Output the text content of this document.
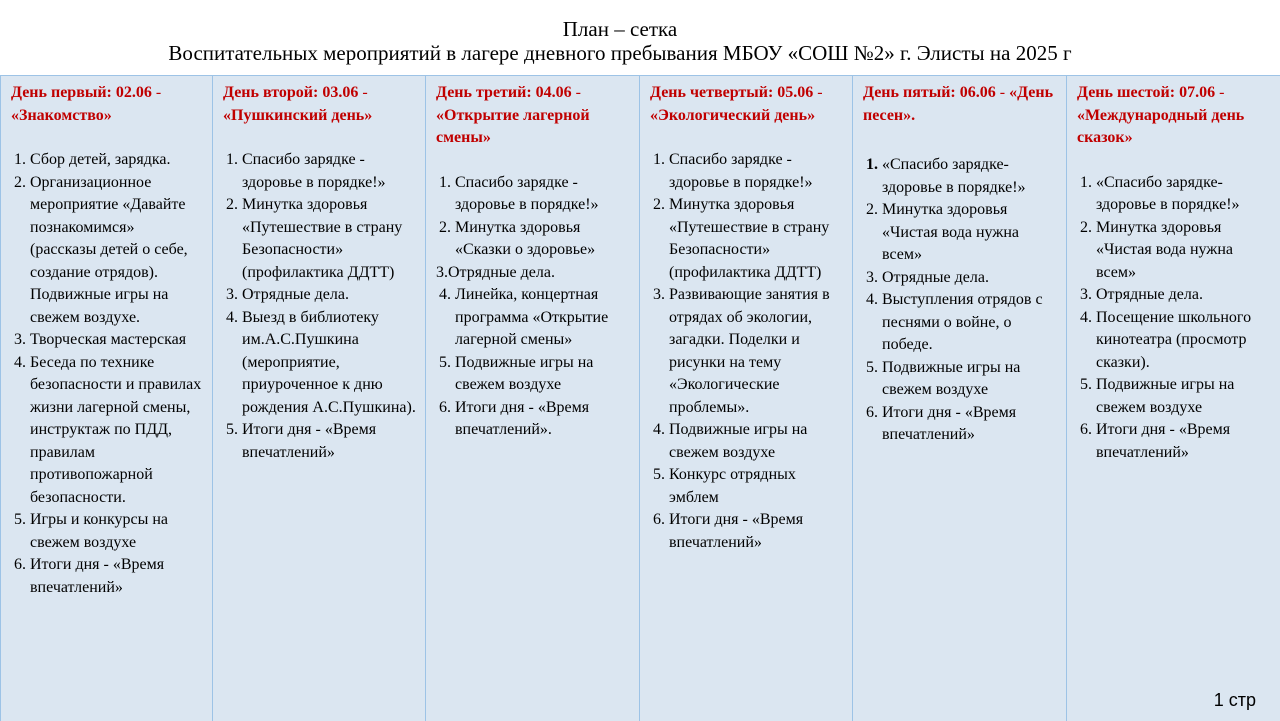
План – сетка
Воспитательных мероприятий в лагере дневного пребывания МБОУ «СОШ №2» г. Элисты на 2025 г
День первый: 02.06 - «Знакомство»
1. Сбор детей, зарядка.
2. Организационное мероприятие «Давайте познакомимся» (рассказы детей о себе, создание отрядов). Подвижные игры на свежем воздухе.
3. Творческая мастерская
4. Беседа по технике безопасности и правилах жизни лагерной смены, инструктаж по ПДД, правилам противопожарной безопасности.
5. Игры и конкурсы на свежем воздухе
6. Итоги дня - «Время впечатлений»
День второй: 03.06 - «Пушкинский день»
1. Спасибо зарядке - здоровье в порядке!»
2. Минутка здоровья «Путешествие в страну Безопасности» (профилактика ДДТТ)
3. Отрядные дела.
4. Выезд в библиотеку им.А.С.Пушкина (мероприятие, приуроченное к дню рождения А.С.Пушкина).
5. Итоги дня - «Время впечатлений»
День третий: 04.06 - «Открытие лагерной смены»
1. Спасибо зарядке - здоровье в порядке!»
2. Минутка здоровья «Сказки о здоровье»
3.Отрядные дела.
4. Линейка, концертная программа «Открытие лагерной смены»
5. Подвижные игры на свежем воздухе
6. Итоги дня - «Время впечатлений».
День четвертый: 05.06 - «Экологический день»
1. Спасибо зарядке - здоровье в порядке!»
2. Минутка здоровья «Путешествие в страну Безопасности» (профилактика ДДТТ)
3. Развивающие занятия в отрядах об экологии, загадки. Поделки и рисунки на тему «Экологические проблемы».
4. Подвижные игры на свежем воздухе
5. Конкурс отрядных эмблем
6. Итоги дня - «Время впечатлений»
День пятый: 06.06 - «День песен».
1. «Спасибо зарядке- здоровье в порядке!»
2. Минутка здоровья «Чистая вода нужна всем»
3. Отрядные дела.
4. Выступления отрядов с песнями о войне, о победе.
5. Подвижные игры на свежем воздухе
6. Итоги дня - «Время впечатлений»
День шестой: 07.06 - «Международный день сказок»
1. «Спасибо зарядке- здоровье в порядке!»
2. Минутка здоровья «Чистая вода нужна всем»
3. Отрядные дела.
4. Посещение школьного кинотеатра (просмотр сказки).
5. Подвижные игры на свежем воздухе
6. Итоги дня - «Время впечатлений»
1 стр
